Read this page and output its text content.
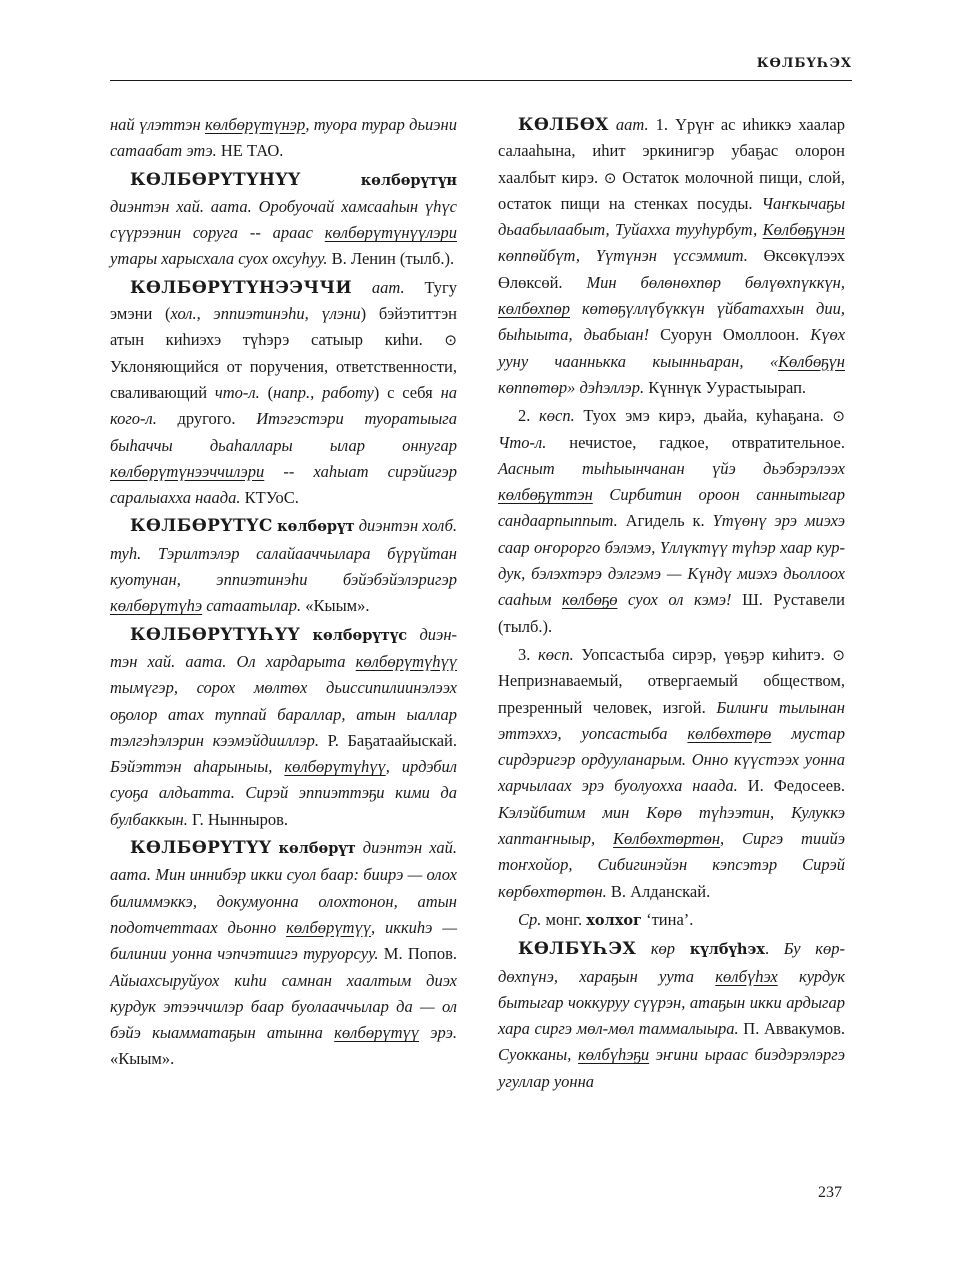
КӨЛБҮҺЭХ

най үлэттэн көлбөрүтүнэр, туора турар дьиэни сатаабат этэ. НЕ ТАО.

КӨЛБӨРҮТҮНҮҮ	көлбөрүтүн диэнтэн хай. аата. Оробуочай хамсааһын үһүс сүүрээнин соруга -- араас көлбөрүтүнүүлэри утары харысхала суох охсуһуу. В. Ленин (тылб.).

КӨЛБӨРҮТҮНЭЭЧЧИ аат. Тугу эмэни (хол., эппиэтинэһи, үлэни) бэйэтиттэн атын киһиэхэ түһэрэ сатыыр киһи. ⊙ Уклоняющийся от поручения, ответственности, сваливающий что-л. (напр., работу) с себя на кого-л. другого. Итэгэстэри туоратыыга быһаччы дьаһаллары ылар оннугар көлбөрүтүнээччилэри -- хаһыат сирэйигэр саралыахха наада. КТУоС.

КӨЛБӨРҮТҮС көлбөрүт диэнтэн холб. туһ. Тэрилтэлэр салайааччылара бүрүйтан куотунан, эппиэтинэһи бэйэбэйэлэригэр көлбөрүтүһэ сатаатылар. «Кыым».

КӨЛБӨРҮТҮҺҮҮ көлбөрүтүс диэнтэн хай. аата. Ол хардарыта көлбөрүтүһүү тымүгэр, сорох мөлтөх дьиссипилиинэлээх оҕолор атах туппай бараллар, атын ыаллар тэлгэһэлэрин кээмэйдииллэр. Р. Баҕатаайыскай. Бэйэттэн аһарыныы, көлбөрүтүһүү, ирдэбил суоҕа алдьатта. Сирэй эппиэттэҕи кими да булбаккын. Г. Нынныров.

КӨЛБӨРҮТҮҮ көлбөрүт диэнтэн хай. аата. Мин иннибэр икки суол баар: биирэ — олох билиммэккэ, докумуонна олохтонон, атын подотчеттаах дьонно көлбөрүтүү, иккиһэ — билинии уонна чэпчэтиигэ туруорсуу. М. Попов. Айыахсыруйуох киһи самнан хаалтым диэх курдук этээччилэр баар буолааччылар да — ол бэйэ кыамматаҕын атынна көлбөрүтүү эрэ. «Кыым».

КӨЛБӨХ аат. 1. Үрүҥ ас иһиккэ хаалар салааһына, иһит эркинигэр убаҕас олорон хаалбыт кирэ. ⊙ Остаток молочной пищи, слой, остаток пищи на стенках посуды. Чаҥкычаҕы дьаабылаабыт, Туйахха тууһурбут, Көлбөҕүнэн көппөйбүт, Үүтүнэн үссэммит. Өксөкүлээх Өлөксөй. Мин бөлөнөхпөр бөлүөхпүккүн, көлбөхпөр көтөҕүллүбүккүн үйбатаххын дии, быһыыта, дьабыан! Суорун Омоллоон. Күөх ууну чааннькка кыынньаран, «Көлбөҕүн көппөтөр» дэһэллэр. Күннүк Уурастыырап.

2. көсп. Туох эмэ кирэ, дьайа, куһаҕана. ⊙ Что-л. нечистое, гадкое, отвратительное. Аасныт тыһыынчанан үйэ дьэбэрэлээх көлбөҕүттэн Сирбитин ороон саннытыгар сандаарпыппыт. Агидель к. Үтүөнү эрэ миэхэ саар оҥорорго бэлэмэ, Үллүктүү түһэр хаар курдук, бэлэхтэрэ дэлгэмэ — Күндү миэхэ дьоллоох сааһым көлбөҕө суох ол кэмэ! Ш. Руставели (тылб.).

3. көсп. Уопсастыба сирэр, үөҕэр киһитэ. ⊙ Непризнаваемый, отвергаемый обществом, презренный человек, изгой. Билиҥи тылынан эттэххэ, уопсастыба көлбөхтөрө мустар сирдэригэр ордууланарым. Онно күүстээх уонна харчылаах эрэ буолуохха наада. И. Федосеев. Кэлэйбитим мин Көрө түһээтин, Кулуккэ хаптаҥныыр, Көлбөхтөртөн, Сиргэ тиийэ тоҥхойор, Сибигинэйэн кэпсэтэр Сирэй көрбөхтөртөн. В. Алданскай.

Ср. монг. холхог ‘тина’.

КӨЛБҮҺЭХ көр күлбүһэх. Бу көрдөхпүнэ, хараҕын уута көлбүһэх курдук бытыгар чоккуруу сүүрэн, атаҕын икки ардыгар хара сиргэ мөл-мөл таммалыыра. П. Аввакумов. Суокканы, көлбүһэҕи эҥини ыраас биэдэрэлэргэ угуллар уонна

237
